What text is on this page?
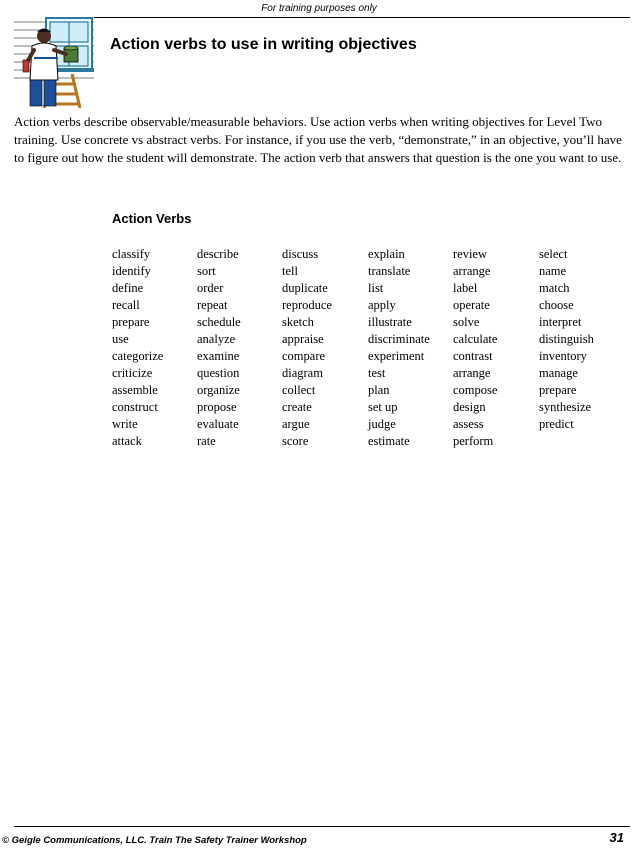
For training purposes only
Action verbs to use in writing objectives

Action verbs describe observable/measurable behaviors. Use action verbs when writing objectives for Level Two training. Use concrete vs abstract verbs. For instance, if you use the verb, “demonstrate,” in an objective, you’ll have to figure out how the student will demonstrate. The action verb that answers that question is the one you want to use.

Action Verbs
classify
identify
define
recall
prepare
use
categorize
criticize
assemble
construct
write
attack
describe
sort
order
repeat
schedule
analyze
examine
question
organize
propose
evaluate
rate
discuss
tell
duplicate
reproduce
sketch
appraise
compare
diagram
collect
create
argue
score
explain
translate
list
apply
illustrate
discriminate
experiment
test
plan
set up
judge
estimate
review
arrange
label
operate
solve
calculate
contrast
arrange
compose
design
assess
perform
select
name
match
choose
interpret
distinguish
inventory
manage
prepare
synthesize
predict
© Geigle Communications, LLC. Train The Safety Trainer Workshop	31
